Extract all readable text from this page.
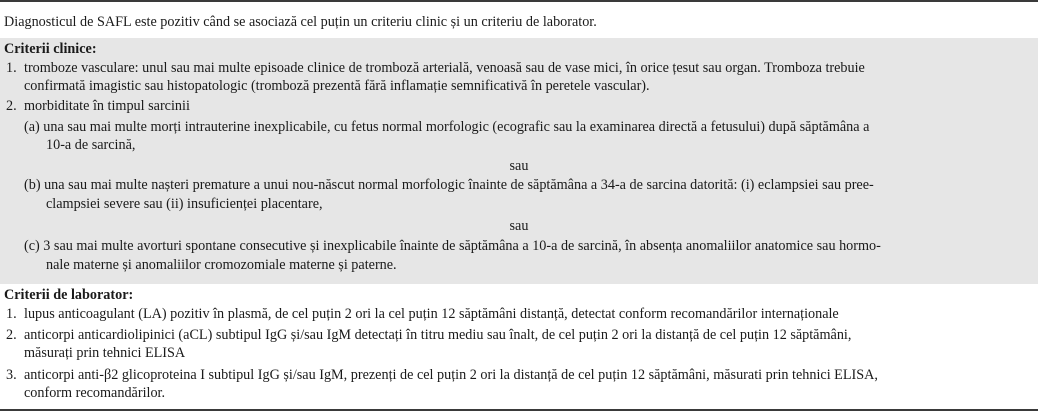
Diagnosticul de SAFL este pozitiv când se asociază cel puțin un criteriu clinic și un criteriu de laborator.
Criterii clinice:
1. tromboze vasculare: unul sau mai multe episoade clinice de tromboză arterială, venoasă sau de vase mici, în orice țesut sau organ. Tromboza trebuie
confirmată imagistic sau histopatologic (tromboză prezentă fără inflamație semnificativă în peretele vascular).
2. morbiditate în timpul sarcinii
(a) una sau mai multe morți intrauterine inexplicabile, cu fetus normal morfologic (ecografic sau la examinarea directă a fetusului) după săptămâna a
10-a de sarcină,
sau
(b) una sau mai multe nașteri premature a unui nou-născut normal morfologic înainte de săptămâna a 34-a de sarcina datorită: (i) eclampsiei sau pree-
clampsiei severe sau (ii) insuficienței placentare,
sau
(c) 3 sau mai multe avorturi spontane consecutive și inexplicabile înainte de săptămâna a 10-a de sarcină, în absența anomaliilor anatomice sau hormo-
nale materne și anomaliilor cromozomiale materne și paterne.
Criterii de laborator:
1. lupus anticoagulant (LA) pozitiv în plasmă, de cel puțin 2 ori la cel puțin 12 săptămâni distanță, detectat conform recomandărilor internaționale
2. anticorpi anticardiolipinici (aCL) subtipul IgG și/sau IgM detectați în titru mediu sau înalt, de cel puțin 2 ori la distanță de cel puțin 12 săptămâni,
măsurați prin tehnici ELISA
3. anticorpi anti-β2 glicoproteina I subtipul IgG și/sau IgM, prezenți de cel puțin 2 ori la distanță de cel puțin 12 săptămâni, măsurati prin tehnici ELISA,
conform recomandărilor.
